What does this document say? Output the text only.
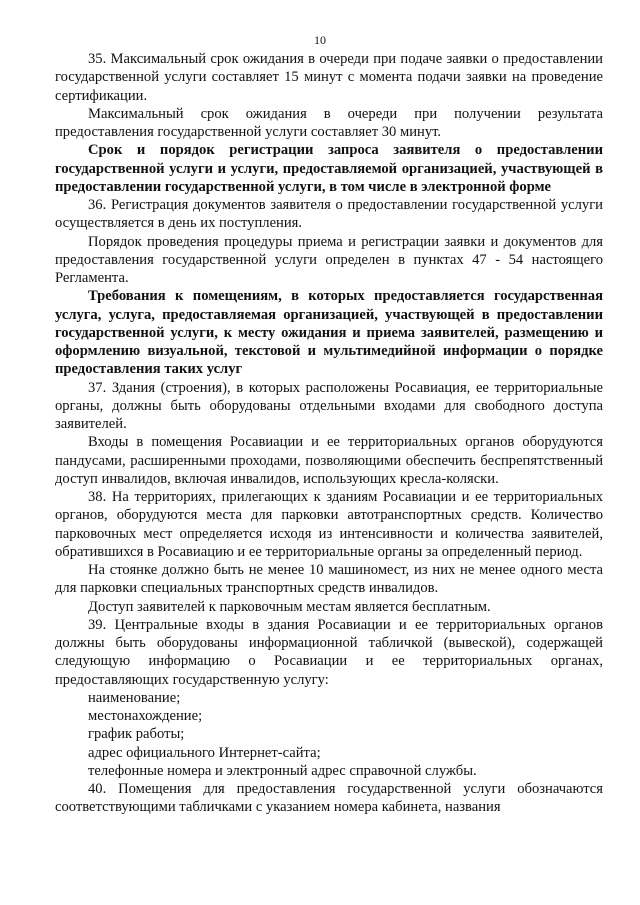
10

35. Максимальный срок ожидания в очереди при подаче заявки о предоставлении государственной услуги составляет 15 минут с момента подачи заявки на проведение сертификации.

Максимальный срок ожидания в очереди при получении результата предоставления государственной услуги составляет 30 минут.

Срок и порядок регистрации запроса заявителя о предоставлении государственной услуги и услуги, предоставляемой организацией, участвующей в предоставлении государственной услуги, в том числе в электронной форме

36. Регистрация документов заявителя о предоставлении государственной услуги осуществляется в день их поступления.

Порядок проведения процедуры приема и регистрации заявки и документов для предоставления государственной услуги определен в пунктах 47 - 54 настоящего Регламента.

Требования к помещениям, в которых предоставляется государственная услуга, услуга, предоставляемая организацией, участвующей в предоставлении государственной услуги, к месту ожидания и приема заявителей, размещению и оформлению визуальной, текстовой и мультимедийной информации о порядке предоставления таких услуг

37. Здания (строения), в которых расположены Росавиация, ее территориальные органы, должны быть оборудованы отдельными входами для свободного доступа заявителей.

Входы в помещения Росавиации и ее территориальных органов оборудуются пандусами, расширенными проходами, позволяющими обеспечить беспрепятственный доступ инвалидов, включая инвалидов, использующих кресла-коляски.

38. На территориях, прилегающих к зданиям Росавиации и ее территориальных органов, оборудуются места для парковки автотранспортных средств. Количество парковочных мест определяется исходя из интенсивности и количества заявителей, обратившихся в Росавиацию и ее территориальные органы за определенный период.

На стоянке должно быть не менее 10 машиномест, из них не менее одного места для парковки специальных транспортных средств инвалидов.

Доступ заявителей к парковочным местам является бесплатным.

39. Центральные входы в здания Росавиации и ее территориальных органов должны быть оборудованы информационной табличкой (вывеской), содержащей следующую информацию о Росавиации и ее территориальных органах, предоставляющих государственную услугу:

наименование;

местонахождение;

график работы;

адрес официального Интернет-сайта;

телефонные номера и электронный адрес справочной службы.

40. Помещения для предоставления государственной услуги обозначаются соответствующими табличками с указанием номера кабинета, названия
